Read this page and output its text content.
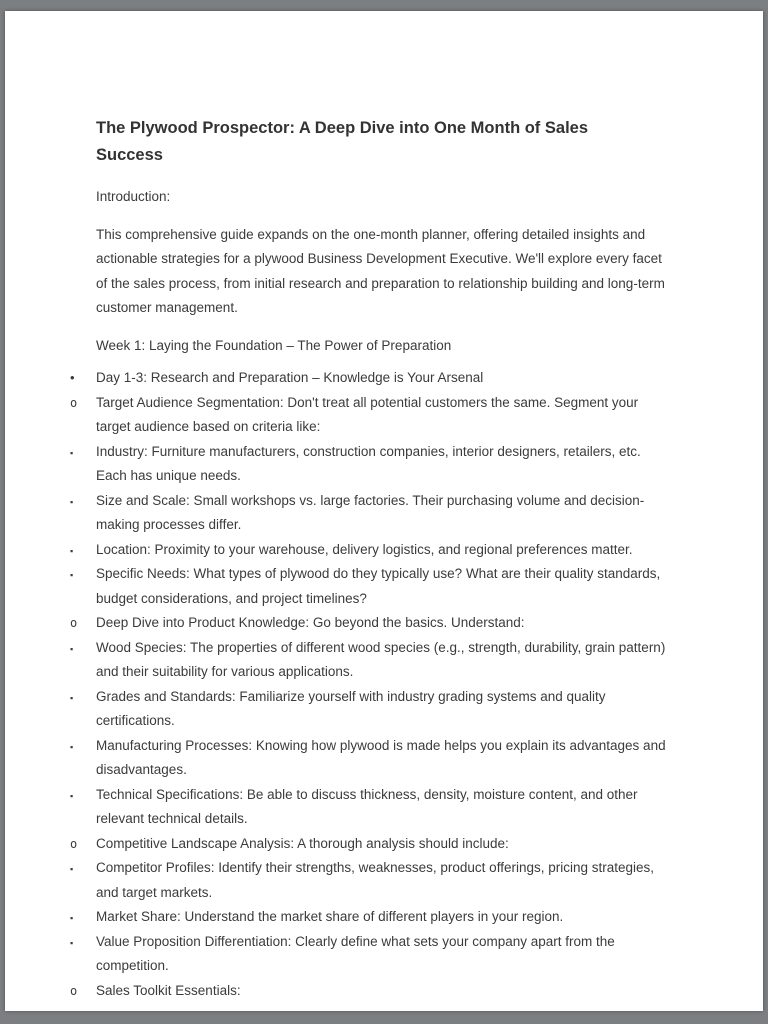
The Plywood Prospector: A Deep Dive into One Month of Sales Success

Introduction:

This comprehensive guide expands on the one-month planner, offering detailed insights and actionable strategies for a plywood Business Development Executive. We'll explore every facet of the sales process, from initial research and preparation to relationship building and long-term customer management.

Week 1: Laying the Foundation – The Power of Preparation

• Day 1-3: Research and Preparation – Knowledge is Your Arsenal
o Target Audience Segmentation: Don't treat all potential customers the same. Segment your target audience based on criteria like:
▪ Industry: Furniture manufacturers, construction companies, interior designers, retailers, etc. Each has unique needs.
▪ Size and Scale: Small workshops vs. large factories. Their purchasing volume and decision-making processes differ.
▪ Location: Proximity to your warehouse, delivery logistics, and regional preferences matter.
▪ Specific Needs: What types of plywood do they typically use? What are their quality standards, budget considerations, and project timelines?
o Deep Dive into Product Knowledge: Go beyond the basics. Understand:
▪ Wood Species: The properties of different wood species (e.g., strength, durability, grain pattern) and their suitability for various applications.
▪ Grades and Standards: Familiarize yourself with industry grading systems and quality certifications.
▪ Manufacturing Processes: Knowing how plywood is made helps you explain its advantages and disadvantages.
▪ Technical Specifications: Be able to discuss thickness, density, moisture content, and other relevant technical details.
o Competitive Landscape Analysis: A thorough analysis should include:
▪ Competitor Profiles: Identify their strengths, weaknesses, product offerings, pricing strategies, and target markets.
▪ Market Share: Understand the market share of different players in your region.
▪ Value Proposition Differentiation: Clearly define what sets your company apart from the competition.
o Sales Toolkit Essentials:
